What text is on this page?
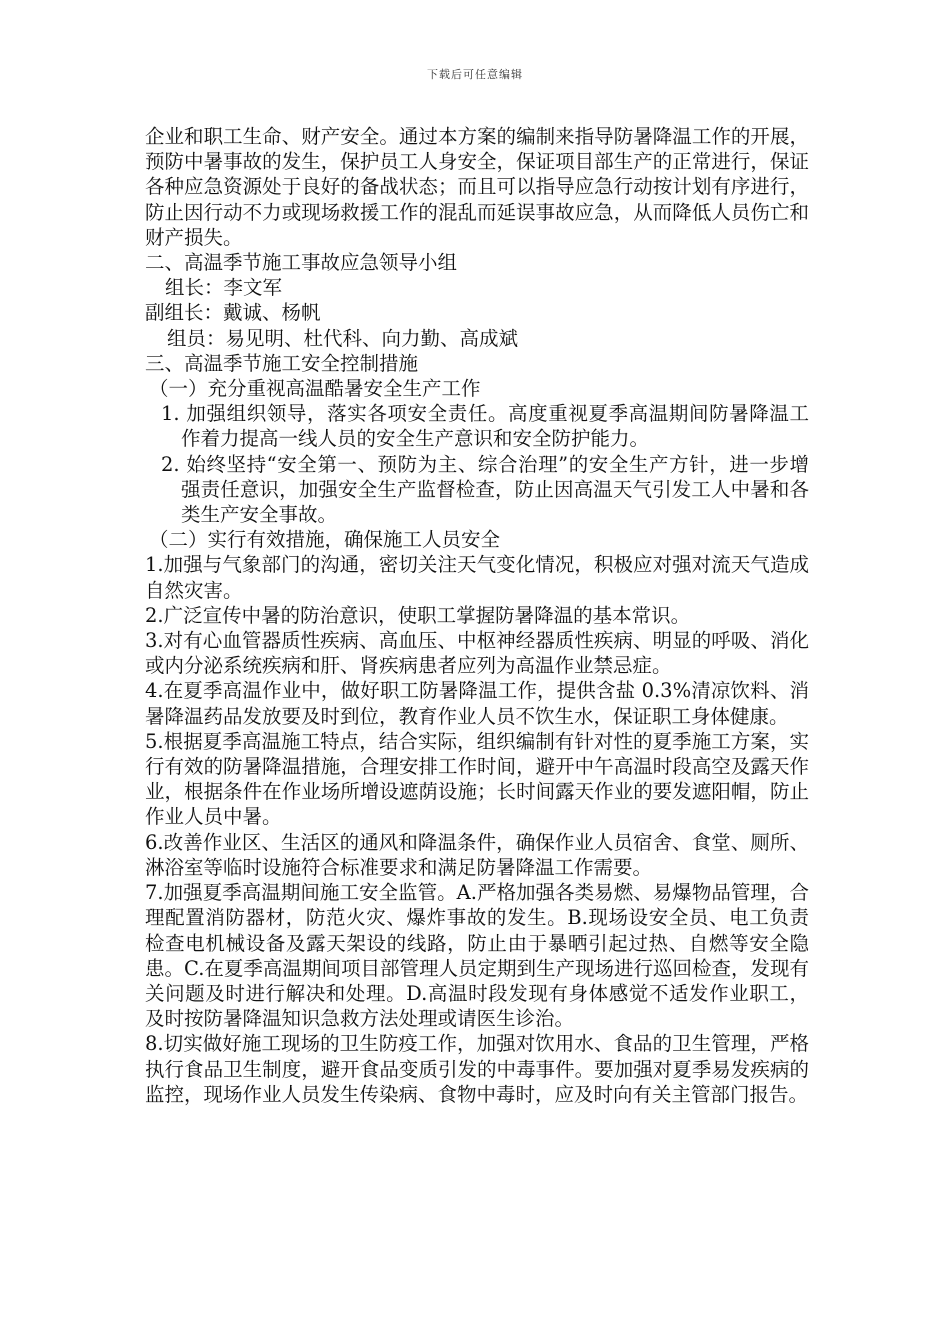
下载后可任意编辑

企业和职工生命、财产安全。通过本方案的编制来指导防暑降温工作的开展，预防中暑事故的发生，保护员工人身安全，保证项目部生产的正常进行，保证各种应急资源处于良好的备战状态；而且可以指导应急行动按计划有序进行，防止因行动不力或现场救援工作的混乱而延误事故应急，从而降低人员伤亡和财产损失。

二、高温季节施工事故应急领导小组

组长：李文军

副组长：戴诚、杨帆

组员：易见明、杜代科、向力勤、高成斌

三、高温季节施工安全控制措施

（一）充分重视高温酷暑安全生产工作

1. 加强组织领导，落实各项安全责任。高度重视夏季高温期间防暑降温工作着力提高一线人员的安全生产意识和安全防护能力。

2. 始终坚持“安全第一、预防为主、综合治理”的安全生产方针，进一步增强责任意识，加强安全生产监督检查，防止因高温天气引发工人中暑和各类生产安全事故。

（二）实行有效措施，确保施工人员安全

1.加强与气象部门的沟通，密切关注天气变化情况，积极应对强对流天气造成自然灾害。

2.广泛宣传中暑的防治意识，使职工掌握防暑降温的基本常识。

3.对有心血管器质性疾病、高血压、中枢神经器质性疾病、明显的呼吸、消化或内分泌系统疾病和肝、肾疾病患者应列为高温作业禁忌症。

4.在夏季高温作业中，做好职工防暑降温工作，提供含盐 0.3%清凉饮料、消暑降温药品发放要及时到位，教育作业人员不饮生水，保证职工身体健康。

5.根据夏季高温施工特点，结合实际，组织编制有针对性的夏季施工方案，实行有效的防暑降温措施，合理安排工作时间，避开中午高温时段高空及露天作业，根据条件在作业场所增设遮荫设施；长时间露天作业的要发遮阳帽，防止作业人员中暑。

6.改善作业区、生活区的通风和降温条件，确保作业人员宿舍、食堂、厕所、淋浴室等临时设施符合标准要求和满足防暑降温工作需要。

7.加强夏季高温期间施工安全监管。A.严格加强各类易燃、易爆物品管理，合理配置消防器材，防范火灾、爆炸事故的发生。B.现场设安全员、电工负责检查电机械设备及露天架设的线路，防止由于暴晒引起过热、自燃等安全隐患。C.在夏季高温期间项目部管理人员定期到生产现场进行巡回检查，发现有关问题及时进行解决和处理。D.高温时段发现有身体感觉不适发作业职工，及时按防暑降温知识急救方法处理或请医生诊治。

8.切实做好施工现场的卫生防疫工作，加强对饮用水、食品的卫生管理，严格执行食品卫生制度，避开食品变质引发的中毒事件。要加强对夏季易发疾病的监控，现场作业人员发生传染病、食物中毒时，应及时向有关主管部门报告。
